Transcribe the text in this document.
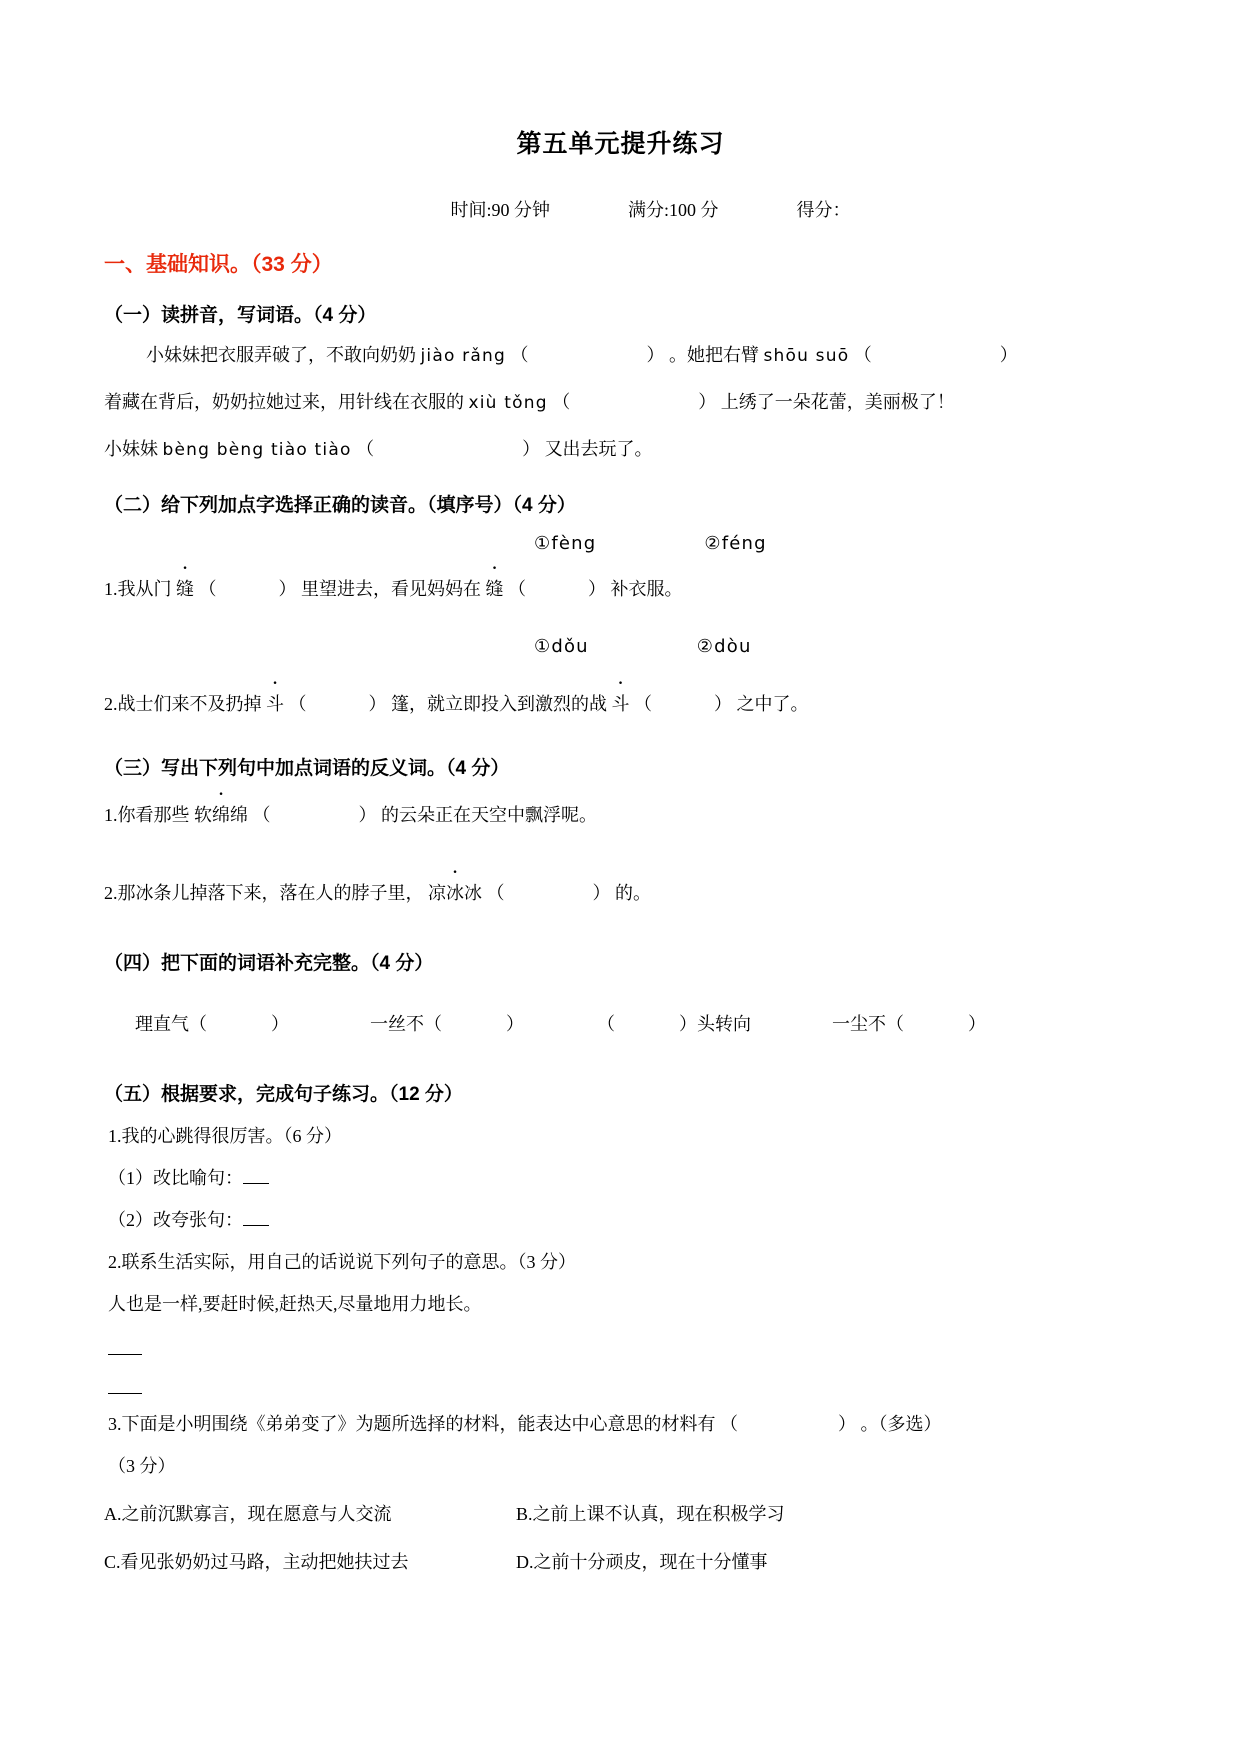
第五单元提升练习
时间:90 分钟	满分:100 分	得分：
一、基础知识。（33 分）
（一）读拼音，写词语。（4 分）
小妹妹把衣服弄破了，不敢向奶奶 jiào rǎng （  ）	。她把右臂 shōu suō （  ）
着藏在背后，奶奶拉她过来，用针线在衣服的 xiù tǒng （  ）	上绣了一朵花蕾，美丽极了！
小妹妹 bèng bèng tiào tiào （  ）	又出去玩了。
（二）给下列加点字选择正确的读音。（填序号）（4 分）
①fèng	②féng
1.我从门 缝 （  ）	里望进去，看见妈妈在 缝 （  ）	补衣服。
①dǒu	②dòu
2.战士们来不及扔掉 斗 （  ）	篷，就立即投入到激烈的战 斗 （  ）	之中了。
（三）写出下列句中加点词语的反义词。（4 分）
1.你看那些 软绵绵 （  ）	的云朵正在天空中飘浮呢。
2.那冰条儿掉落下来，落在人的脖子里， 凉冰冰 （  ）	的。
（四）把下面的词语补充完整。（4 分）

理直气 （  ）
	一丝不 （  ）
（  ）	头转向
	一尘不（  ）

（五）根据要求，完成句子练习。（12 分）
1.我的心跳得很厉害。（6 分）
（1）改比喻句：
（2）改夸张句：
2.联系生活实际，用自己的话说说下列句子的意思。（3 分）
人也是一样,要赶时候,赶热天,尽量地用力地长。
3.下面是小明围绕《弟弟变了》为题所选择的材料，能表达中心意思的材料有 （  ）	。（多选）
（3 分）
A.之前沉默寡言，现在愿意与人交流	B.之前上课不认真，现在积极学习
C.看见张奶奶过马路，主动把她扶过去	D.之前十分顽皮，现在十分懂事
